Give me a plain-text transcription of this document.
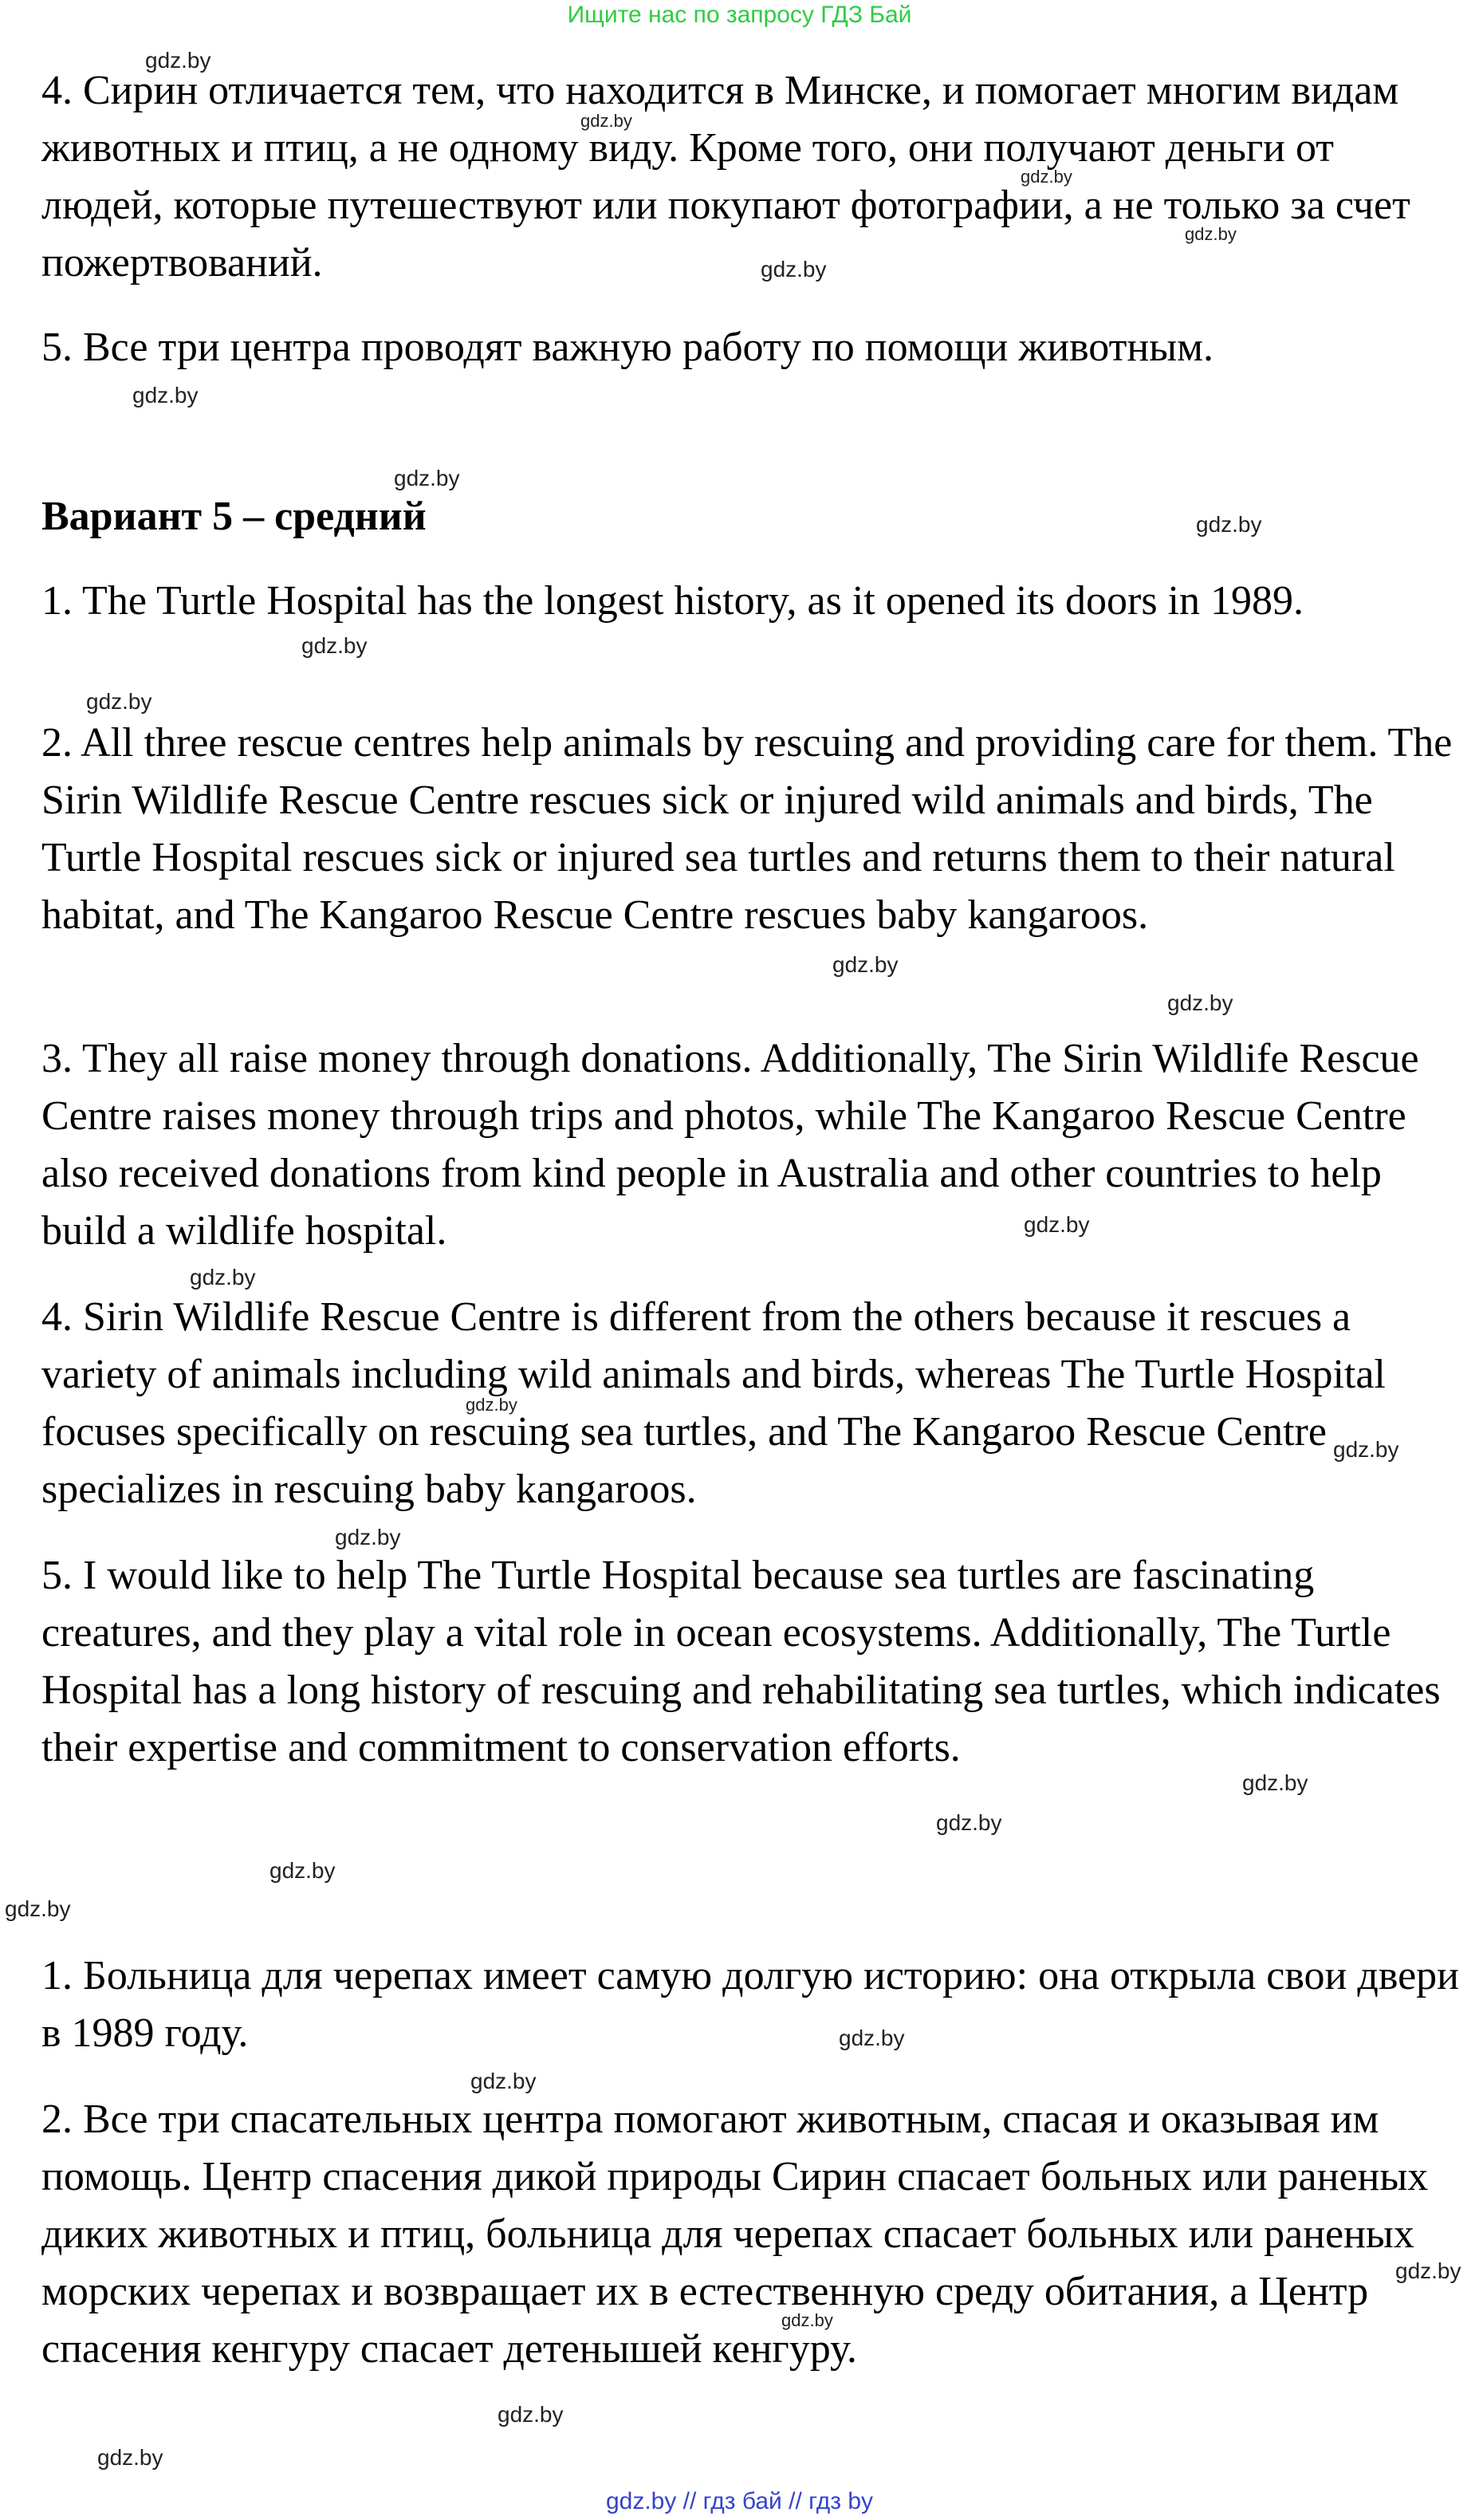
Ищите нас по запросу ГДЗ Бай

4. Сирин отличается тем, что находится в Минске, и помогает многим видам животных и птиц, а не одному виду. Кроме того, они получают деньги от людей, которые путешествуют или покупают фотографии, а не только за счет пожертвований.

5. Все три центра проводят важную работу по помощи животным.

Вариант 5 – средний

1. The Turtle Hospital has the longest history, as it opened its doors in 1989.

2. All three rescue centres help animals by rescuing and providing care for them. The Sirin Wildlife Rescue Centre rescues sick or injured wild animals and birds, The Turtle Hospital rescues sick or injured sea turtles and returns them to their natural habitat, and The Kangaroo Rescue Centre rescues baby kangaroos.

3. They all raise money through donations. Additionally, The Sirin Wildlife Rescue Centre raises money through trips and photos, while The Kangaroo Rescue Centre also received donations from kind people in Australia and other countries to help build a wildlife hospital.

4. Sirin Wildlife Rescue Centre is different from the others because it rescues a variety of animals including wild animals and birds, whereas The Turtle Hospital focuses specifically on rescuing sea turtles, and The Kangaroo Rescue Centre specializes in rescuing baby kangaroos.

5. I would like to help The Turtle Hospital because sea turtles are fascinating creatures, and they play a vital role in ocean ecosystems. Additionally, The Turtle Hospital has a long history of rescuing and rehabilitating sea turtles, which indicates their expertise and commitment to conservation efforts.

1. Больница для черепах имеет самую долгую историю: она открыла свои двери в 1989 году.

2. Все три спасательных центра помогают животным, спасая и оказывая им помощь. Центр спасения дикой природы Сирин спасает больных или раненых диких животных и птиц, больница для черепах спасает больных или раненых морских черепах и возвращает их в естественную среду обитания, а Центр спасения кенгуру спасает детенышей кенгуру.

gdz.by
gdz.by
gdz.by
gdz.by
gdz.by
gdz.by
gdz.by
gdz.by
gdz.by
gdz.by
gdz.by
gdz.by
gdz.by
gdz.by
gdz.by
gdz.by
gdz.by
gdz.by
gdz.by
gdz.by
gdz.by
gdz.by
gdz.by
gdz.by
gdz.by
gdz.by
gdz.by
gdz.by // гдз бай // гдз by
